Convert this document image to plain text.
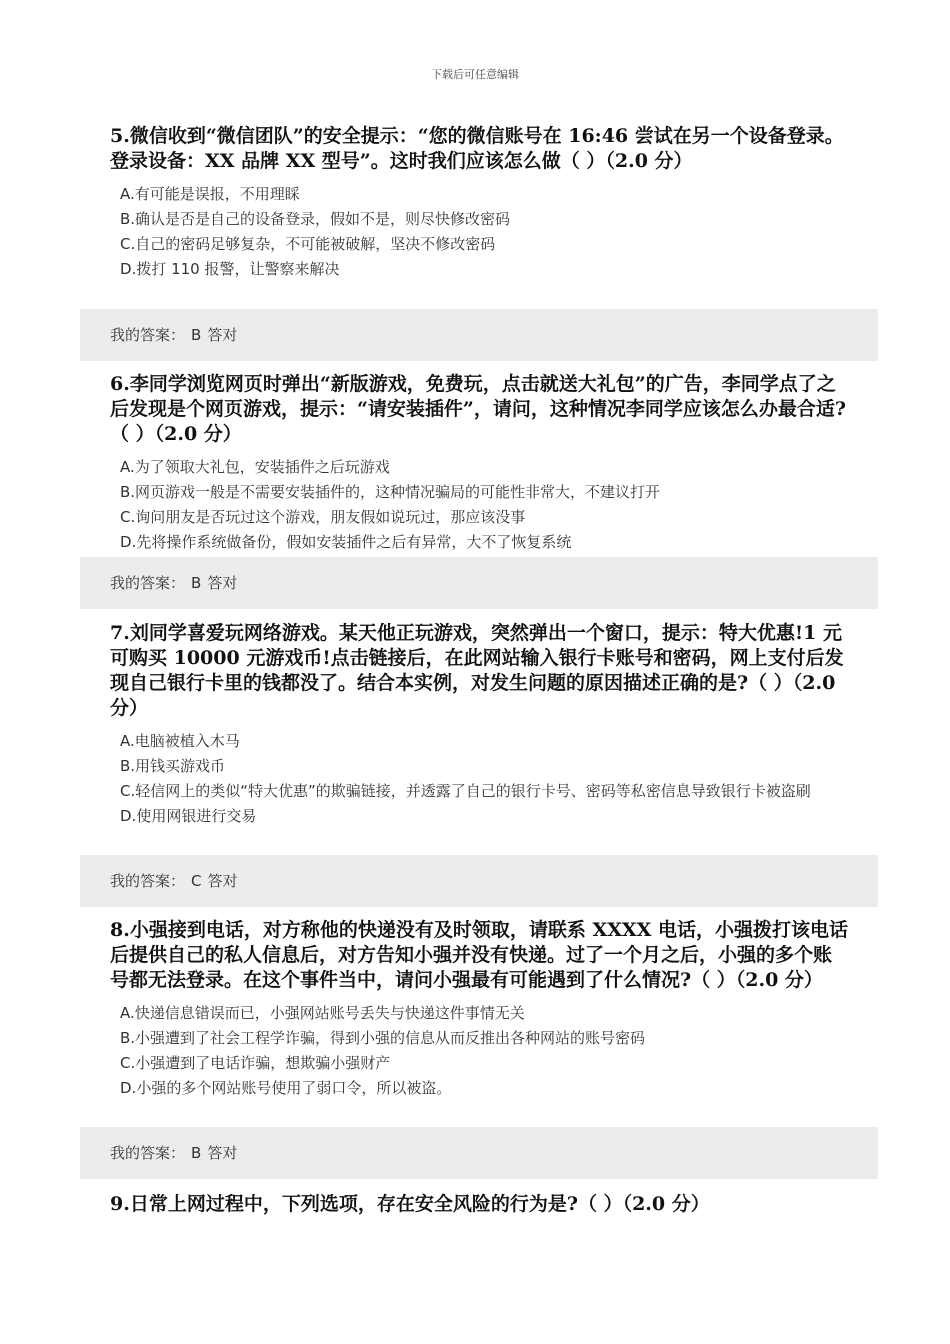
下载后可任意编辑

5.微信收到“微信团队”的安全提示：“您的微信账号在 16:46 尝试在另一个设备登录。登录设备：XX 品牌 XX 型号”。这时我们应该怎么做（ ）（2.0 分）

A.有可能是误报，不用理睬
B.确认是否是自己的设备登录，假如不是，则尽快修改密码
C.自己的密码足够复杂，不可能被破解，坚决不修改密码
D.拨打 110 报警，让警察来解决
我的答案： B 答对

6.李同学浏览网页时弹出“新版游戏，免费玩，点击就送大礼包”的广告，李同学点了之后发现是个网页游戏，提示：“请安装插件”，请问，这种情况李同学应该怎么办最合适?（ ）（2.0 分）

A.为了领取大礼包，安装插件之后玩游戏
B.网页游戏一般是不需要安装插件的，这种情况骗局的可能性非常大，不建议打开
C.询问朋友是否玩过这个游戏，朋友假如说玩过，那应该没事
D.先将操作系统做备份，假如安装插件之后有异常，大不了恢复系统
我的答案： B 答对

7.刘同学喜爱玩网络游戏。某天他正玩游戏，突然弹出一个窗口，提示：特大优惠!1 元可购买 10000 元游戏币!点击链接后，在此网站输入银行卡账号和密码，网上支付后发现自己银行卡里的钱都没了。结合本实例，对发生问题的原因描述正确的是?（ ）（2.0 分）

A.电脑被植入木马
B.用钱买游戏币
C.轻信网上的类似“特大优惠”的欺骗链接，并透露了自己的银行卡号、密码等私密信息导致银行卡被盗刷
D.使用网银进行交易
我的答案： C 答对

8.小强接到电话，对方称他的快递没有及时领取，请联系 XXXX 电话，小强拨打该电话后提供自己的私人信息后，对方告知小强并没有快递。过了一个月之后，小强的多个账号都无法登录。在这个事件当中，请问小强最有可能遇到了什么情况?（ ）（2.0 分）

A.快递信息错误而已，小强网站账号丢失与快递这件事情无关
B.小强遭到了社会工程学诈骗，得到小强的信息从而反推出各种网站的账号密码
C.小强遭到了电话诈骗，想欺骗小强财产
D.小强的多个网站账号使用了弱口令，所以被盗。
我的答案： B 答对

9.日常上网过程中，下列选项，存在安全风险的行为是?（ ）（2.0 分）
